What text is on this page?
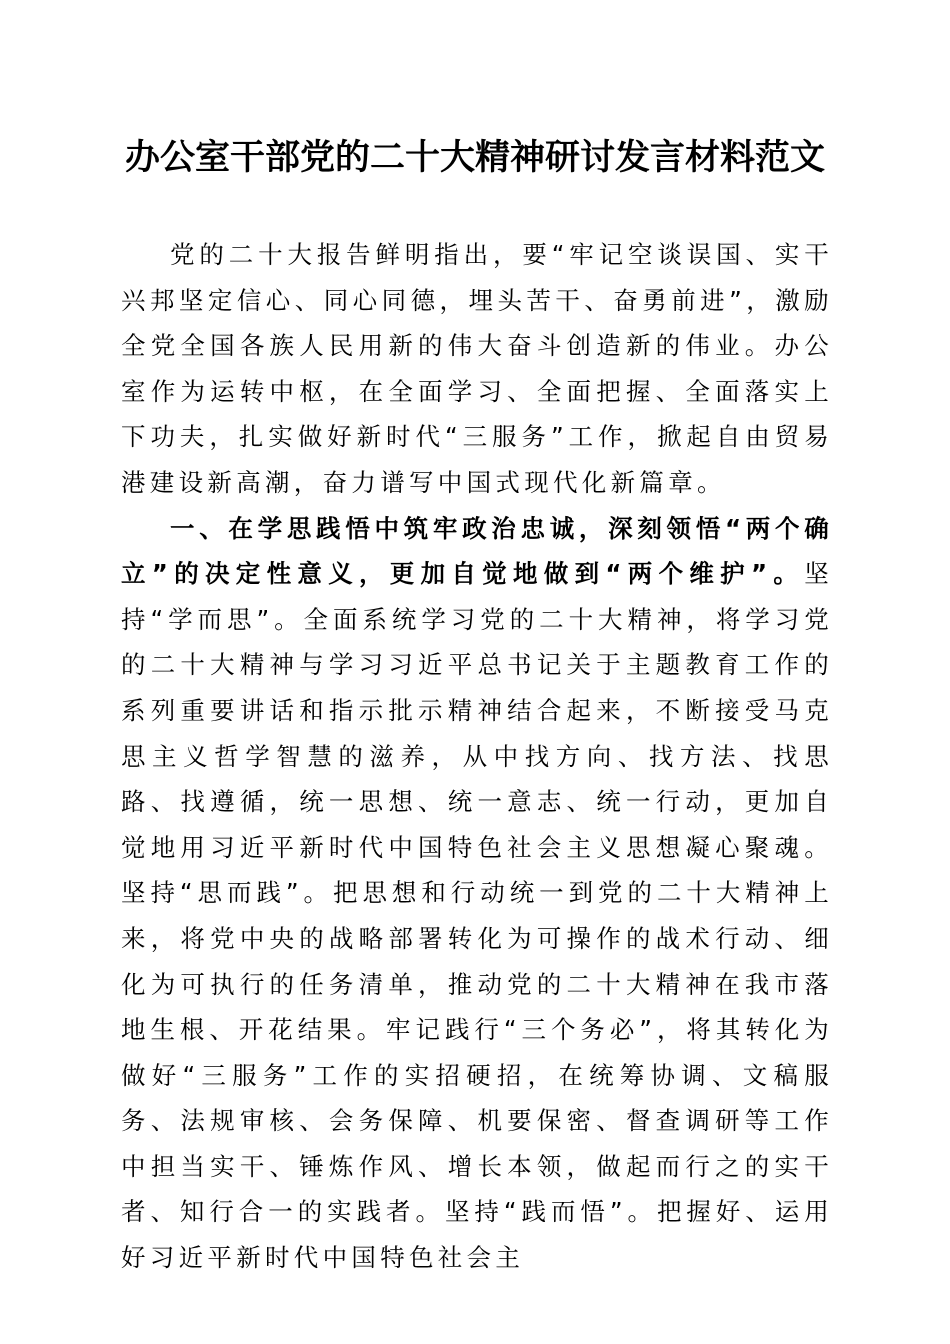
办公室干部党的二十大精神研讨发言材料范文

党的二十大报告鲜明指出，要“牢记空谈误国、实干兴邦坚定信心、同心同德，埋头苦干、奋勇前进”，激励全党全国各族人民用新的伟大奋斗创造新的伟业。办公室作为运转中枢，在全面学习、全面把握、全面落实上下功夫，扎实做好新时代“三服务”工作，掀起自由贸易港建设新高潮，奋力谱写中国式现代化新篇章。

一、在学思践悟中筑牢政治忠诚，深刻领悟“两个确立”的决定性意义，更加自觉地做到“两个维护”。坚持“学而思”。全面系统学习党的二十大精神，将学习党的二十大精神与学习习近平总书记关于主题教育工作的系列重要讲话和指示批示精神结合起来，不断接受马克思主义哲学智慧的滋养，从中找方向、找方法、找思路、找遵循，统一思想、统一意志、统一行动，更加自觉地用习近平新时代中国特色社会主义思想凝心聚魂。坚持“思而践”。把思想和行动统一到党的二十大精神上来，将党中央的战略部署转化为可操作的战术行动、细化为可执行的任务清单，推动党的二十大精神在我市落地生根、开花结果。牢记践行“三个务必”，将其转化为做好“三服务”工作的实招硬招，在统筹协调、文稿服务、法规审核、会务保障、机要保密、督查调研等工作中担当实干、锤炼作风、增长本领，做起而行之的实干者、知行合一的实践者。坚持“践而悟”。把握好、运用好习近平新时代中国特色社会主
